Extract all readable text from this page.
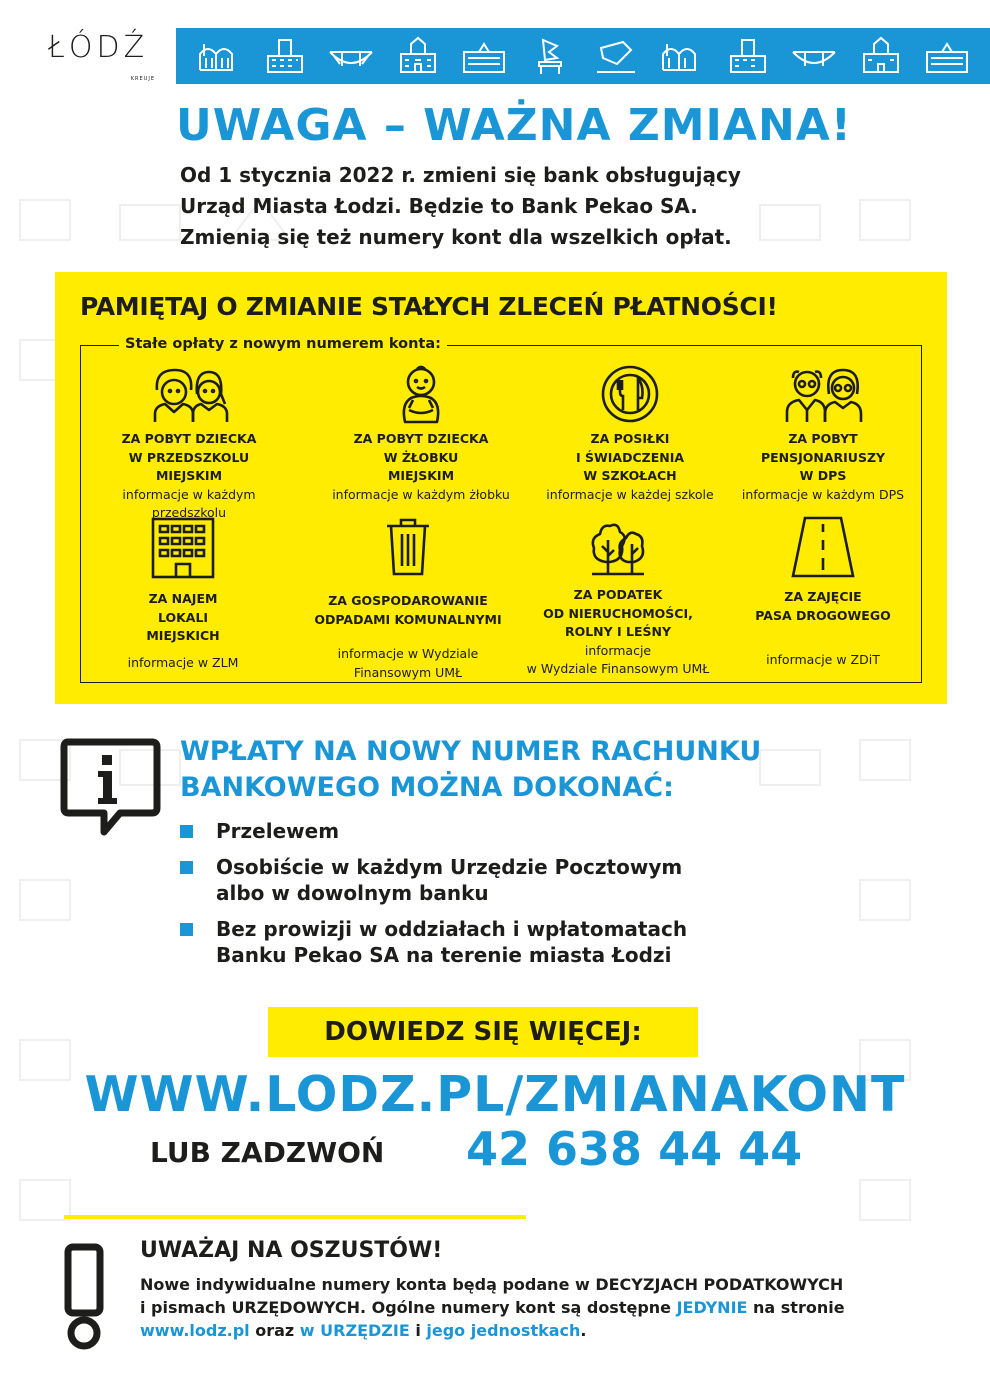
ŁÓDŹ
KREUJE
UWAGA – WAŻNA ZMIANA!
Od 1 stycznia 2022 r. zmieni się bank obsługujący
Urząd Miasta Łodzi. Będzie to Bank Pekao SA.
Zmienią się też numery kont dla wszelkich opłat.
PAMIĘTAJ O ZMIANIE STAŁYCH ZLECEŃ PŁATNOŚCI!
Stałe opłaty z nowym numerem konta:
ZA POBYT DZIECKA
W PRZEDSZKOLU
MIEJSKIM
informacje w każdym przedszkolu
ZA POBYT DZIECKA
W ŻŁOBKU
MIEJSKIM
informacje w każdym żłobku
ZA POSIŁKI
I ŚWIADCZENIA
W SZKOŁACH
informacje w każdej szkole
ZA POBYT
PENSJONARIUSZY
W DPS
informacje w każdym DPS
ZA NAJEM
LOKALI
MIEJSKICH
informacje w ZLM
ZA GOSPODAROWANIE
ODPADAMI KOMUNALNYMI
informacje w Wydziale
Finansowym UMŁ
ZA PODATEK
OD NIERUCHOMOŚCI,
ROLNY I LEŚNY
informacje
w Wydziale Finansowym UMŁ
ZA ZAJĘCIE
PASA DROGOWEGO
informacje w ZDiT
WPŁATY NA NOWY NUMER RACHUNKU
BANKOWEGO MOŻNA DOKONAĆ:
Przelewem
Osobiście w każdym Urzędzie Pocztowym
albo w dowolnym banku
Bez prowizji w oddziałach i wpłatomatach
Banku Pekao SA na terenie miasta Łodzi
DOWIEDZ SIĘ WIĘCEJ:
WWW.LODZ.PL/ZMIANAKONT
LUB ZADZWOŃ 42 638 44 44
UWAŻAJ NA OSZUSTÓW!
Nowe indywidualne numery konta będą podane w DECYZJACH PODATKOWYCH
i pismach URZĘDOWYCH. Ogólne numery kont są dostępne JEDYNIE na stronie
www.lodz.pl oraz w URZĘDZIE i jego jednostkach.
